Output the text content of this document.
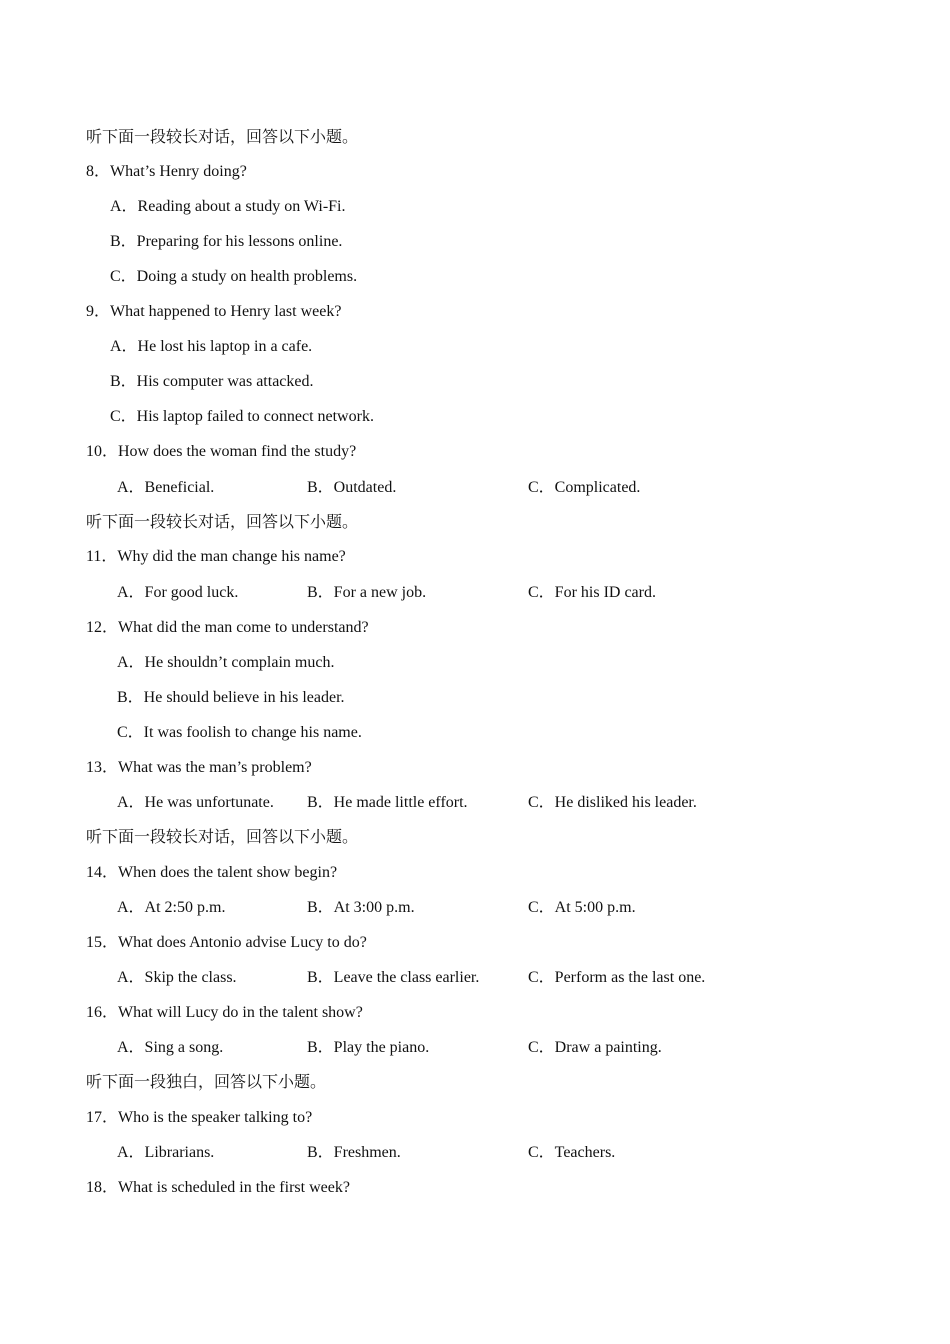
听下面一段较长对话，回答以下小题。
8．What’s Henry doing?
A．Reading about a study on Wi-Fi.
B．Preparing for his lessons online.
C．Doing a study on health problems.
9．What happened to Henry last week?
A．He lost his laptop in a cafe.
B．His computer was attacked.
C．His laptop failed to connect network.
10．How does the woman find the study?
A．Beneficial.	B．Outdated.	C．Complicated.
听下面一段较长对话，回答以下小题。
11．Why did the man change his name?
A．For good luck.	B．For a new job.	C．For his ID card.
12．What did the man come to understand?
A．He shouldn’t complain much.
B．He should believe in his leader.
C．It was foolish to change his name.
13．What was the man’s problem?
A．He was unfortunate. B．He made little effort.	C．He disliked his leader.
听下面一段较长对话，回答以下小题。
14．When does the talent show begin?
A．At 2:50 p.m.	B．At 3:00 p.m.	C．At 5:00 p.m.
15．What does Antonio advise Lucy to do?
A．Skip the class.	B．Leave the class earlier.	C．Perform as the last one.
16．What will Lucy do in the talent show?
A．Sing a song.	B．Play the piano.	C．Draw a painting.
听下面一段独白，回答以下小题。
17．Who is the speaker talking to?
A．Librarians.	B．Freshmen.	C．Teachers.
18．What is scheduled in the first week?
